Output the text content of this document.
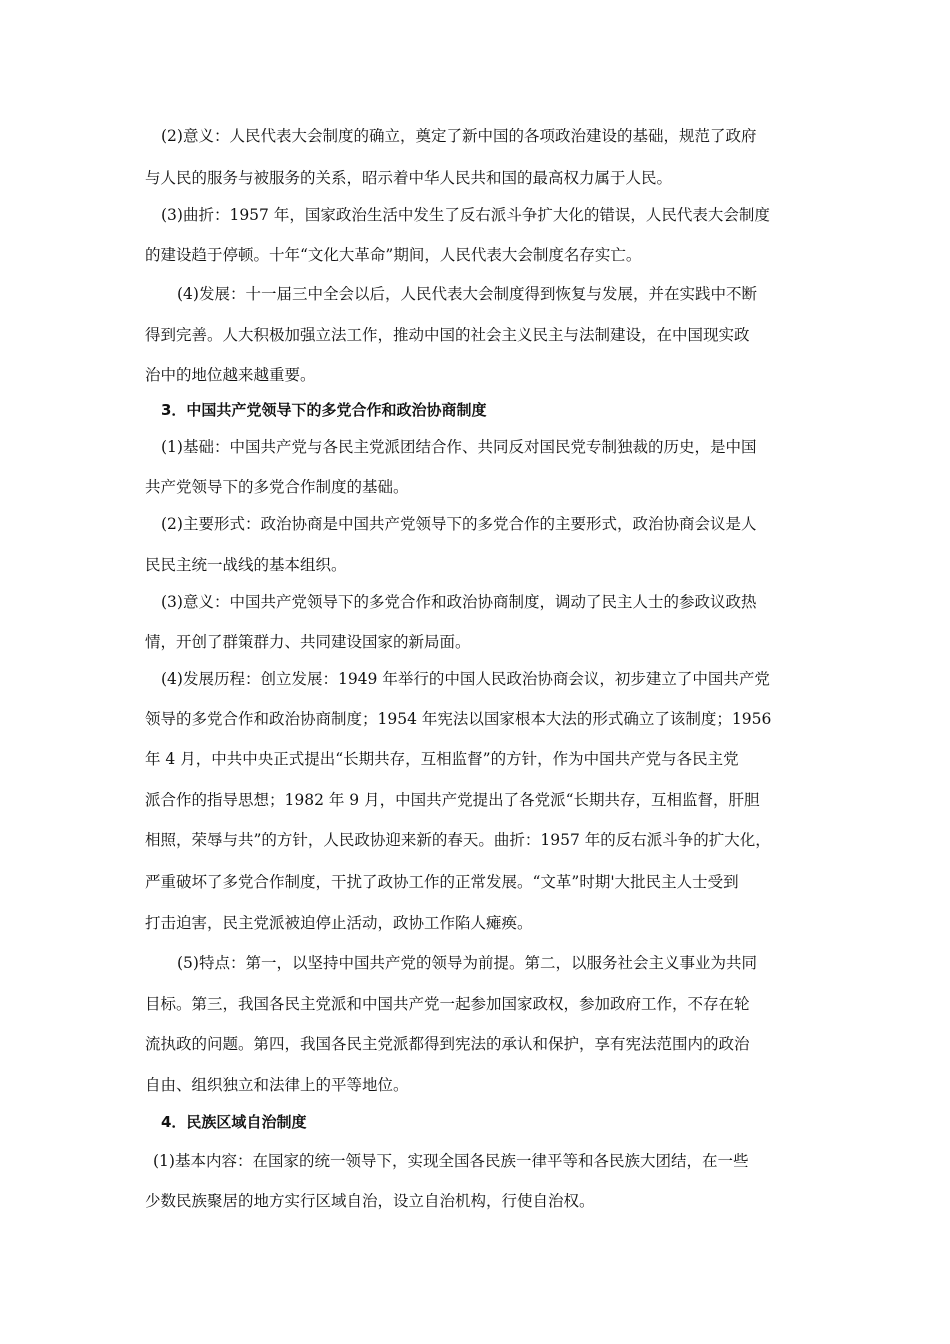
(2)意义：人民代表大会制度的确立，奠定了新中国的各项政治建设的基础，规范了政府
与人民的服务与被服务的关系，昭示着中华人民共和国的最高权力属于人民。
(3)曲折：1957 年，国家政治生活中发生了反右派斗争扩大化的错误，人民代表大会制度
的建设趋于停顿。十年“文化大革命”期间，人民代表大会制度名存实亡。
(4)发展：十一届三中全会以后，人民代表大会制度得到恢复与发展，并在实践中不断
得到完善。人大积极加强立法工作，推动中国的社会主义民主与法制建设，在中国现实政
治中的地位越来越重要。
3．中国共产党领导下的多党合作和政治协商制度
(1)基础：中国共产党与各民主党派团结合作、共同反对国民党专制独裁的历史，是中国
共产党领导下的多党合作制度的基础。
(2)主要形式：政治协商是中国共产党领导下的多党合作的主要形式，政治协商会议是人
民民主统一战线的基本组织。
(3)意义：中国共产党领导下的多党合作和政治协商制度，调动了民主人士的参政议政热
情，开创了群策群力、共同建设国家的新局面。
(4)发展历程：创立发展：1949 年举行的中国人民政治协商会议，初步建立了中国共产党
领导的多党合作和政治协商制度；1954 年宪法以国家根本大法的形式确立了该制度；1956
年 4 月，中共中央正式提出“长期共存，互相监督”的方针，作为中国共产党与各民主党
派合作的指导思想；1982 年 9 月，中国共产党提出了各党派“长期共存，互相监督，肝胆
相照，荣辱与共”的方针，人民政协迎来新的春天。曲折：1957 年的反右派斗争的扩大化，
严重破坏了多党合作制度，干扰了政协工作的正常发展。“文革”时期'大批民主人士受到
打击迫害，民主党派被迫停止活动，政协工作陷人瘫痪。
(5)特点：第一，以坚持中国共产党的领导为前提。第二，以服务社会主义事业为共同
目标。第三，我国各民主党派和中国共产党一起参加国家政权，参加政府工作，不存在轮
流执政的问题。第四，我国各民主党派都得到宪法的承认和保护，享有宪法范围内的政治
自由、组织独立和法律上的平等地位。
4．民族区域自治制度
(1)基本内容：在国家的统一领导下，实现全国各民族一律平等和各民族大团结，在一些
少数民族聚居的地方实行区域自治，设立自治机构，行使自治权。
